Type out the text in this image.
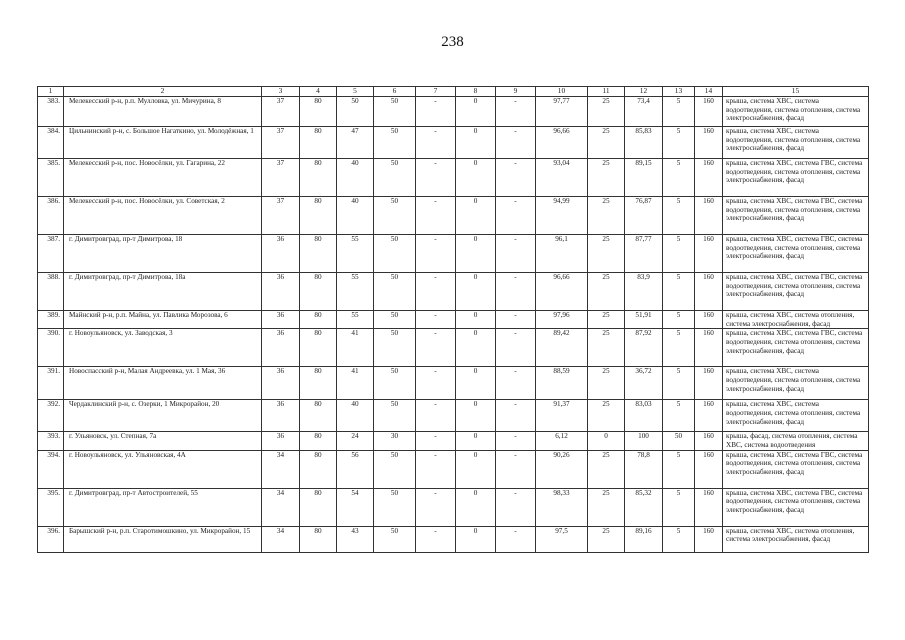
238
1	2	3	4	5	6	7	8	9	10	11	12	13	14	15
383.	Мелекесский р-н, р.п. Мулловка, ул. Мичурина, 8	37	80	50	50	-	0	-	97,77	25	73,4	5	160	крыша, система ХВС, система водоотведения, система отопления, система электроснабжения, фасад
384.	Цильнинский р-н, с. Большое Нагаткино, ул. Молодёжная, 1	37	80	47	50	-	0	-	96,66	25	85,83	5	160	крыша, система ХВС, система водоотведения, система отопления, система электроснабжения, фасад
385.	Мелекесский р-н, пос. Новосёлки, ул. Гагарина, 22	37	80	40	50	-	0	-	93,04	25	89,15	5	160	крыша, система ХВС, система ГВС, система водоотведения, система отопления, система электроснабжения, фасад
386.	Мелекесский р-н, пос. Новосёлки, ул. Советская, 2	37	80	40	50	-	0	-	94,99	25	76,87	5	160	крыша, система ХВС, система ГВС, система водоотведения, система отопления, система электроснабжения, фасад
387.	г. Димитровград, пр-т Димитрова, 18	36	80	55	50	-	0	-	96,1	25	87,77	5	160	крыша, система ХВС, система ГВС, система водоотведения, система отопления, система электроснабжения, фасад
388.	г. Димитровград, пр-т Димитрова, 18а	36	80	55	50	-	0	-	96,66	25	83,9	5	160	крыша, система ХВС, система ГВС, система водоотведения, система отопления, система электроснабжения, фасад
389.	Майнский р-н, р.п. Майна, ул. Павлика Морозова, 6	36	80	55	50	-	0	-	97,96	25	51,91	5	160	крыша, система ХВС, система отопления, система электроснабжения, фасад
390.	г. Новоульяновск, ул. Заводская, 3	36	80	41	50	-	0	-	89,42	25	87,92	5	160	крыша, система ХВС, система ГВС, система водоотведения, система отопления, система электроснабжения, фасад
391.	Новоспасский р-н, Малая Андреевка, ул. 1 Мая, 36	36	80	41	50	-	0	-	88,59	25	36,72	5	160	крыша, система ХВС, система водоотведения, система отопления, система электроснабжения, фасад
392.	Чердаклинский р-н, с. Озерки, 1 Микрорайон, 20	36	80	40	50	-	0	-	91,37	25	83,03	5	160	крыша, система ХВС, система водоотведения, система отопления, система электроснабжения, фасад
393.	г. Ульяновск, ул. Степная, 7а	36	80	24	30	-	0	-	6,12	0	100	50	160	крыша, фасад, система отопления, система ХВС, система водоотведения
394.	г. Новоульяновск, ул. Ульяновская, 4А	34	80	56	50	-	0	-	90,26	25	78,8	5	160	крыша, система ХВС, система ГВС, система водоотведения, система отопления, система электроснабжения, фасад
395.	г. Димитровград, пр-т Автостроителей, 55	34	80	54	50	-	0	-	98,33	25	85,32	5	160	крыша, система ХВС, система ГВС, система водоотведения, система отопления, система электроснабжения, фасад
396.	Барышский р-н, р.п. Старотимошкино, ул. Микрорайон, 15	34	80	43	50	-	0	-	97,5	25	89,16	5	160	крыша, система ХВС, система отопления, система электроснабжения, фасад
